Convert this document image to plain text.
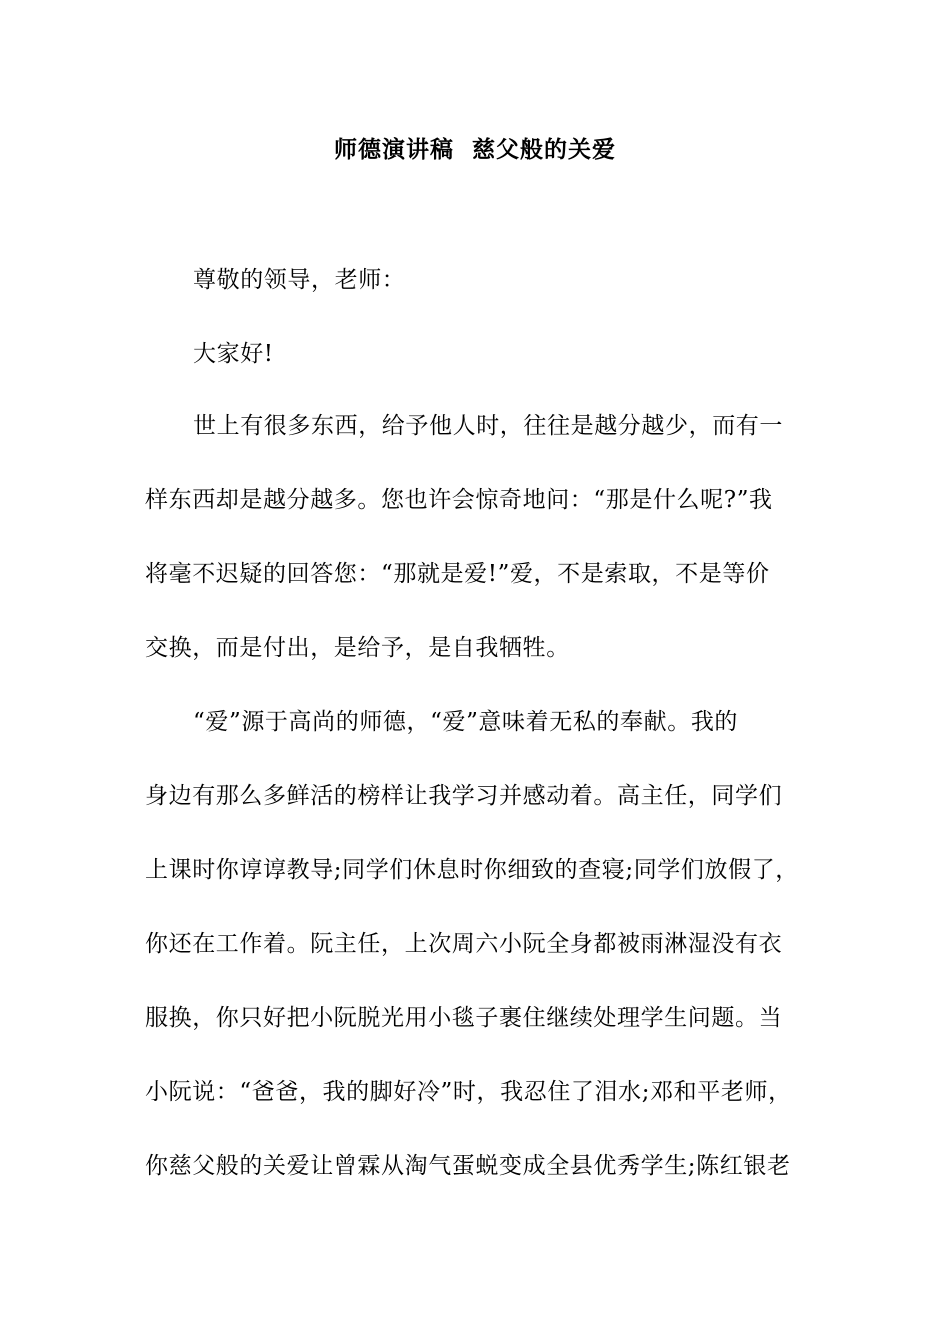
师德演讲稿  慈父般的关爱
尊敬的领导，老师：
大家好!
世上有很多东西，给予他人时，往往是越分越少，而有一
样东西却是越分越多。您也许会惊奇地问：“那是什么呢?”我
将毫不迟疑的回答您：“那就是爱!”爱，不是索取，不是等价
交换，而是付出，是给予，是自我牺牲。
“爱”源于高尚的师德，“爱”意味着无私的奉献。我的
身边有那么多鲜活的榜样让我学习并感动着。高主任，同学们
上课时你谆谆教导;同学们休息时你细致的查寝;同学们放假了，
你还在工作着。阮主任，上次周六小阮全身都被雨淋湿没有衣
服换，你只好把小阮脱光用小毯子裹住继续处理学生问题。当
小阮说：“爸爸，我的脚好冷”时，我忍住了泪水;邓和平老师，
你慈父般的关爱让曾霖从淘气蛋蜕变成全县优秀学生;陈红银老
